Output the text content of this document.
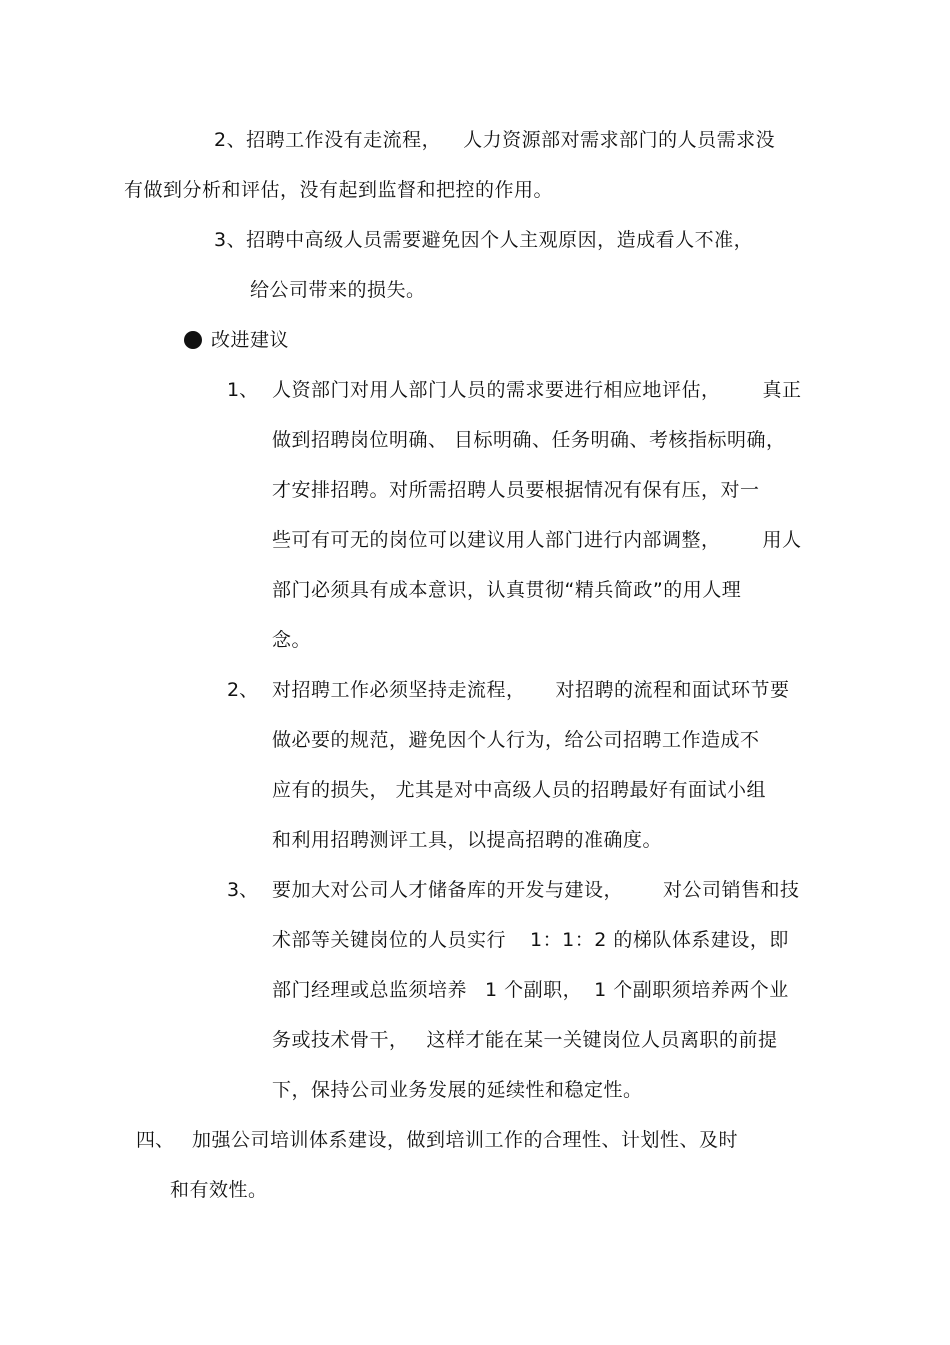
2、招聘工作没有走流程， 人力资源部对需求部门的人员需求没
有做到分析和评估，没有起到监督和把控的作用。
3、招聘中高级人员需要避免因个人主观原因，造成看人不准，
给公司带来的损失。
改进建议
1、 人资部门对用人部门人员的需求要进行相应地评估， 真正
做到招聘岗位明确、 目标明确、任务明确、考核指标明确，
才安排招聘。对所需招聘人员要根据情况有保有压，对一
些可有可无的岗位可以建议用人部门进行内部调整， 用人
部门必须具有成本意识，认真贯彻“精兵简政”的用人理
念。
2、 对招聘工作必须坚持走流程， 对招聘的流程和面试环节要
做必要的规范，避免因个人行为，给公司招聘工作造成不
应有的损失， 尤其是对中高级人员的招聘最好有面试小组
和利用招聘测评工具，以提高招聘的准确度。
3、 要加大对公司人才储备库的开发与建设， 对公司销售和技
术部等关键岗位的人员实行 1：1：2 的梯队体系建设，即
部门经理或总监须培养 1 个副职， 1 个副职须培养两个业
务或技术骨干， 这样才能在某一关键岗位人员离职的前提
下，保持公司业务发展的延续性和稳定性。
四、 加强公司培训体系建设，做到培训工作的合理性、计划性、及时
和有效性。
